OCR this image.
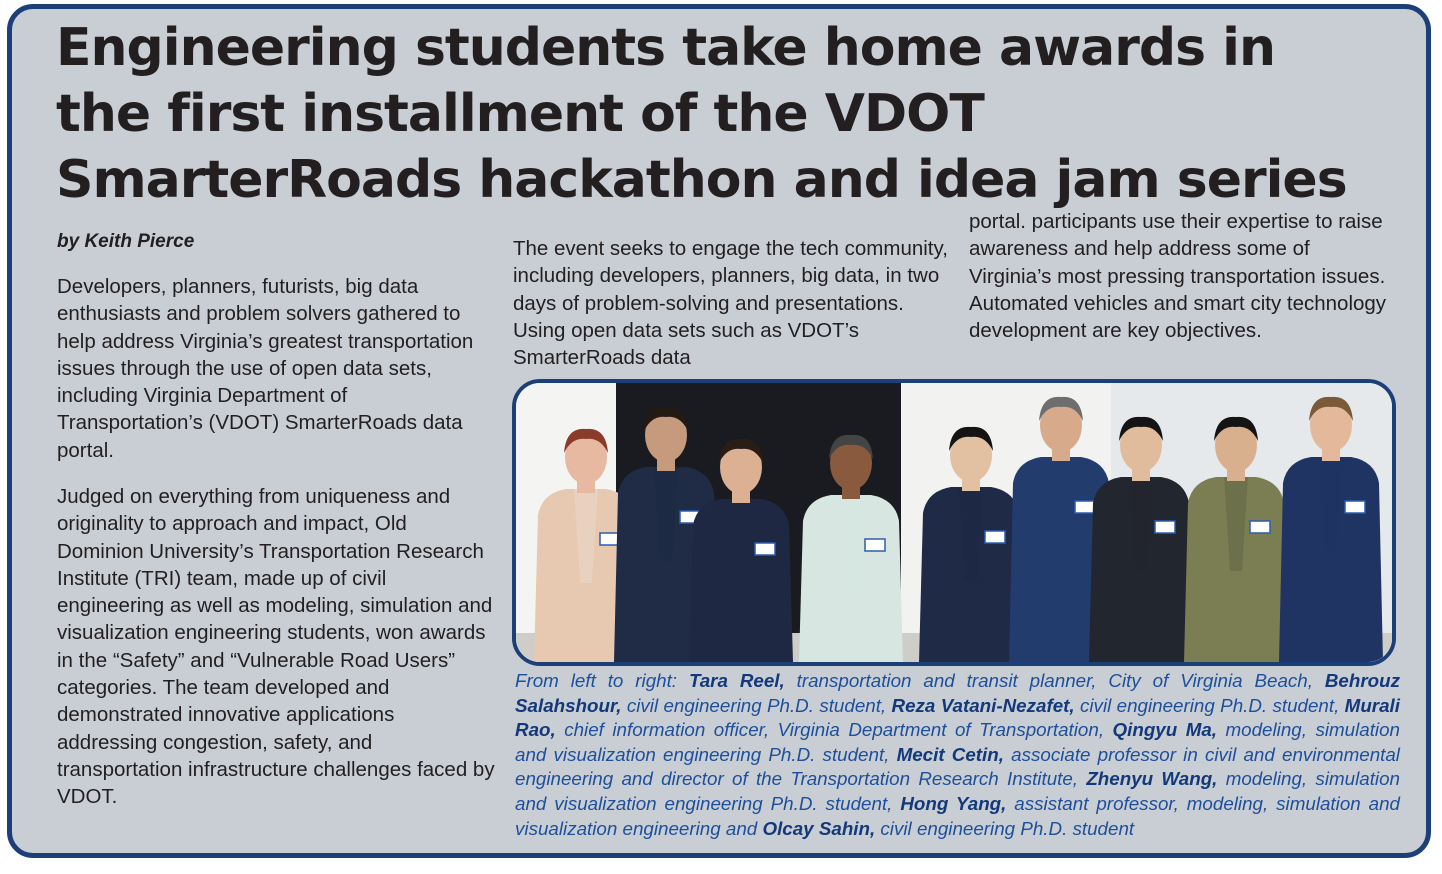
Engineering students take home awards in the first installment of the VDOT SmarterRoads hackathon and idea jam series

by Keith Pierce

Developers, planners, futurists, big data enthusiasts and problem solvers gathered to help address Virginia’s greatest transportation issues through the use of open data sets, including Virginia Department of Transportation’s (VDOT) SmarterRoads data portal.

Judged on everything from uniqueness and originality to approach and impact, Old Dominion University’s Transportation Research Institute (TRI) team, made up of civil engineering as well as modeling, simulation and visualization engineering students, won awards in the “Safety” and “Vulnerable Road Users” categories. The team developed and demonstrated innovative applications addressing congestion, safety, and transportation infrastructure challenges faced by VDOT.

The event seeks to engage the tech community, including developers, planners, big data, in two days of problem-solving and presentations. Using open data sets such as VDOT’s SmarterRoads data

portal. participants use their expertise to raise awareness and help address some of Virginia’s most pressing transportation issues. Automated vehicles and smart city technology development are key objectives.

From left to right: Tara Reel, transportation and transit planner, City of Virginia Beach, Behrouz Salahshour, civil engineering Ph.D. student, Reza Vatani-Nezafet, civil engineering Ph.D. student, Murali Rao, chief information officer, Virginia Department of Transportation, Qingyu Ma, modeling, simulation and visualization engineering Ph.D. student, Mecit Cetin, associate professor in civil and environmental engineering and director of the Transportation Research Institute, Zhenyu Wang, modeling, simulation and visualization engineering Ph.D. student, Hong Yang, assistant professor, modeling, simulation and visualization engineering and Olcay Sahin, civil engineering Ph.D. student
